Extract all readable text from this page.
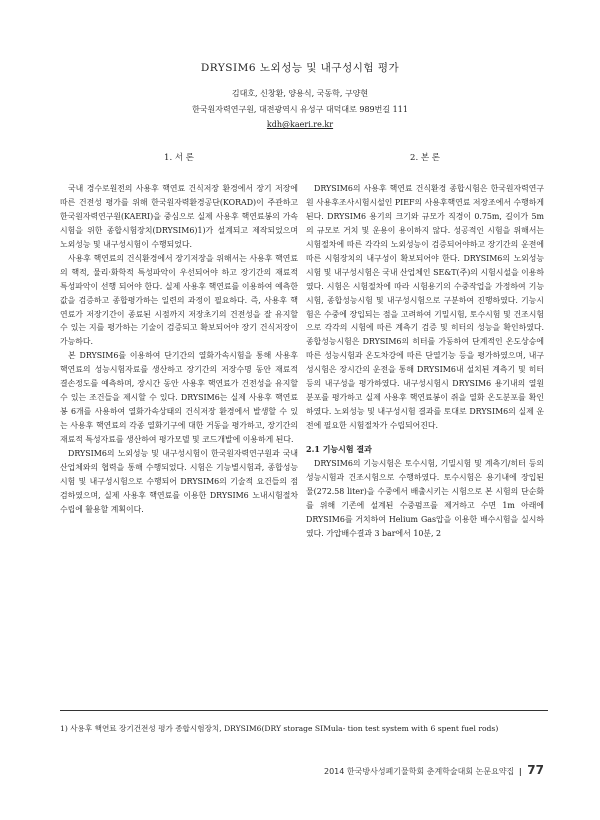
DRYSIM6 노외성능 및 내구성시험 평가
김대호, 신창환, 양용식, 국동학, 구양현
한국원자력연구원, 대전광역시 유성구 대덕대로 989번길 111
kdh@kaeri.re.kr
1. 서 론

국내 경수로원전의 사용후 핵연료 건식저장 환경에서 장기 저장에 따른 건전성 평가를 위해 한국원자력환경공단(KORAD)이 주관하고 한국원자력연구원(KAERI)을 중심으로 실제 사용후 핵연료봉의 가속시험을 위한 종합시험장치(DRYSIM6)1)가 설계되고 제작되었으며 노외성능 및 내구성시험이 수행되었다.

사용후 핵연료의 건식환경에서 장기저장을 위해서는 사용후 핵연료의 핵적, 물리·화학적 특성파악이 우선되어야 하고 장기간의 재료적 특성파악이 선행 되어야 한다. 실제 사용후 핵연료를 이용하여 예측한 값을 검증하고 종합평가하는 일련의 과정이 필요하다. 즉, 사용후 핵연료가 저장기간이 종료된 시점까지 저장초기의 건전성을 잘 유지할 수 있는 지를 평가하는 기술이 검증되고 확보되어야 장기 건식저장이 가능하다.

본 DRYSIM6를 이용하여 단기간의 열화가속시험을 통해 사용후 핵연료의 성능시험자료를 생산하고 장기간의 저장수명 동안 재료적 결손정도를 예측하며, 장시간 동안 사용후 핵연료가 건전성을 유지할 수 있는 조건들을 제시할 수 있다. DRYSIM6는 실제 사용후 핵연료봉 6개를 사용하여 열화가속상태의 건식저장 환경에서 발생할 수 있는 사용후 핵연료의 각종 열화기구에 대한 거동을 평가하고, 장기간의 재료적 특성자료를 생산하여 평가모델 및 코드개발에 이용하게 된다.

DRYSIM6의 노외성능 및 내구성시험이 한국원자력연구원과 국내 산업체와의 협력을 통해 수행되었다. 시험은 기능별시험과, 종합성능시험 및 내구성시험으로 수행되어 DRYSIM6의 기술적 요건들의 점검하였으며, 실제 사용후 핵연료를 이용한 DRYSIM6 노내시험절차 수립에 활용할 계획이다.

2. 본 론

DRYSIM6의 사용후 핵연료 건식환경 종합시험은 한국원자력연구원 사용후조사시험시설인 PIEF의 사용후핵연료 저장조에서 수행하게 된다. DRYSIM6 용기의 크기와 규모가 직경이 0.75m, 길이가 5m의 규모로 거치 및 운용이 용이하지 않다. 성공적인 시험을 위해서는 시험절차에 따른 각각의 노외성능이 검증되어야하고 장기간의 운전에 따른 시험장치의 내구성이 확보되어야 한다. DRYSIM6의 노외성능시험 및 내구성시험은 국내 산업체인 SE&T(주)의 시험시설을 이용하였다. 시험은 시험절차에 따라 시험용기의 수중작업을 가정하여 기능시험, 종합성능시험 및 내구성시험으로 구분하여 진행하였다. 기능시험은 수중에 장입되는 점을 고려하여 기밀시험, 토수시험 및 건조시험으로 각각의 시험에 따른 계측기 검증 및 히터의 성능을 확인하였다. 종합성능시험은 DRYSIM6의 히터를 가동하여 단계적인 온도상승에 따른 성능시험과 온도차강에 따른 단열기능 등을 평가하였으며, 내구성시험은 장시간의 운전을 통해 DRYSIM6내 설치된 계측기 및 히터 등의 내구성을 평가하였다. 내구성시험시 DRYSIM6 용기내의 열원 분포를 평가하고 실제 사용후 핵연료봉이 쥐을 열화 온도분포를 확인하였다. 노외성능 및 내구성시험 결과를 토대로 DRYSIM6의 실제 운전에 필요한 시험절차가 수립되어진다.

2.1 기능시험 결과

DRYSIM6의 기능시험은 토수시험, 기밀시험 및 계측기/히터 등의 성능시험과 건조시험으로 수행하였다. 토수시험은 용기내에 장입된 물(272.58 liter)을 수중에서 배출시키는 시험으로 본 시험의 단순화를 위해 기존에 설계된 수중펌프를 제거하고 수면 1m 아래에 DRYSIM6를 거치하여 Helium Gas압을 이용한 배수시험을 실시하였다. 가압배수결과 3 bar에서 10분, 2

1) 사용후 핵연료 장기건전성 평가 종합시험장치, DRYSIM6(DRY storage SIMula- tion test system with 6 spent fuel rods)
2014 한국방사성폐기물학회 춘계학술대회 논문요약집 | 77
